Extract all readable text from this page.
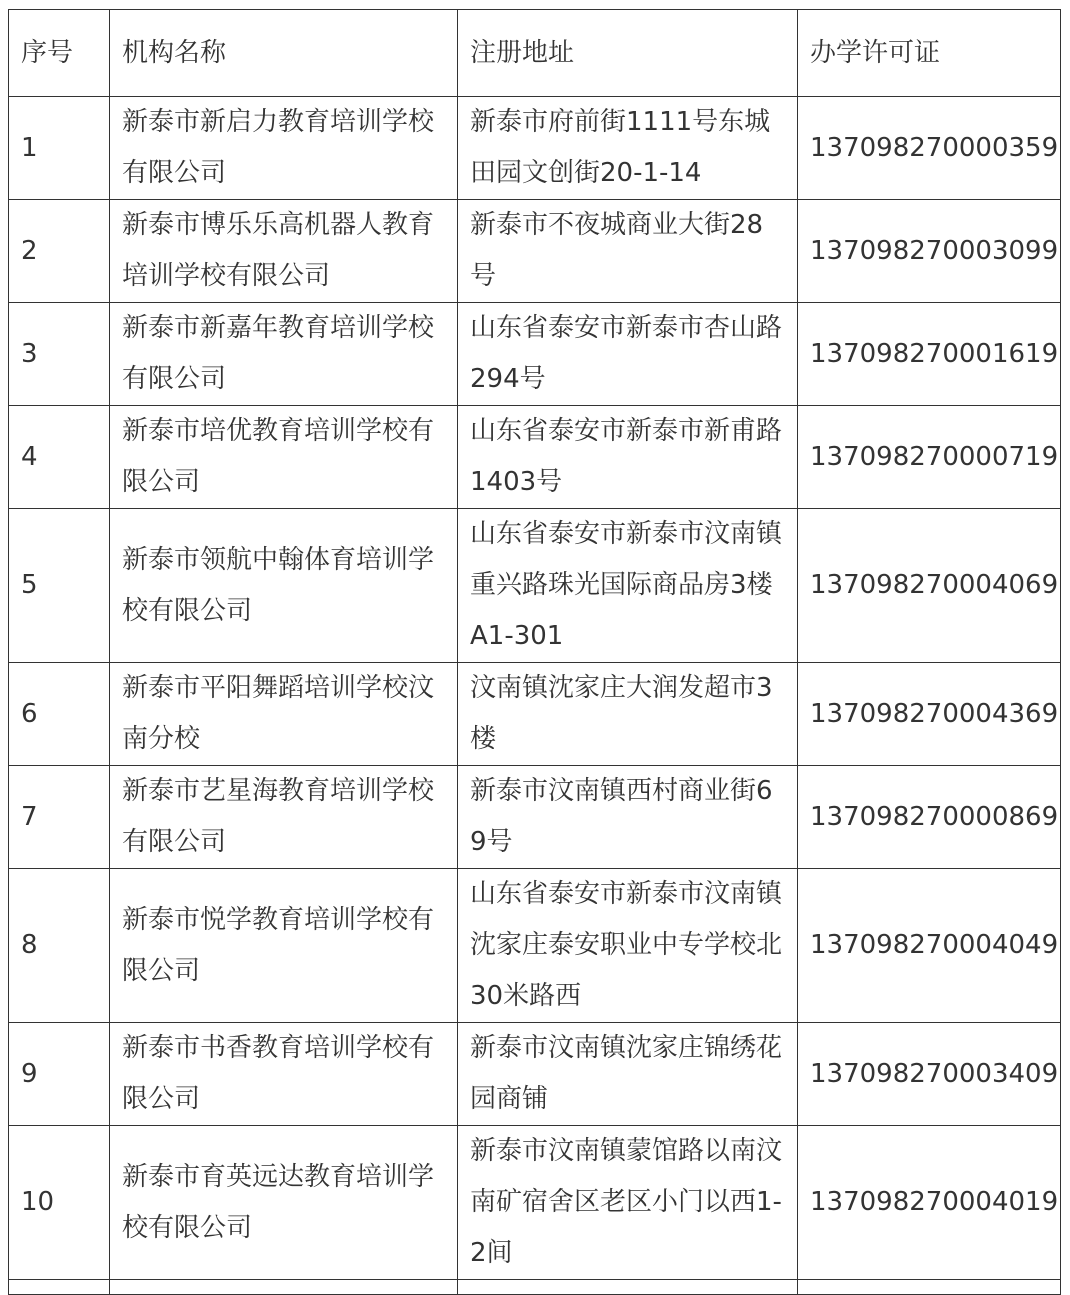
序号	机构名称	注册地址	办学许可证
1	新泰市新启力教育培训学校有限公司	新泰市府前街1111号东城田园文创街20-1-14	137098270000359
2	新泰市博乐乐高机器人教育培训学校有限公司	新泰市不夜城商业大街28号	137098270003099
3	新泰市新嘉年教育培训学校有限公司	山东省泰安市新泰市杏山路294号	137098270001619
4	新泰市培优教育培训学校有限公司	山东省泰安市新泰市新甫路1403号	137098270000719
5	新泰市领航中翰体育培训学校有限公司	山东省泰安市新泰市汶南镇重兴路珠光国际商品房3楼A1-301	137098270004069
6	新泰市平阳舞蹈培训学校汶南分校	汶南镇沈家庄大润发超市3楼	137098270004369
7	新泰市艺星海教育培训学校有限公司	新泰市汶南镇西村商业街69号	137098270000869
8	新泰市悦学教育培训学校有限公司	山东省泰安市新泰市汶南镇沈家庄泰安职业中专学校北30米路西	137098270004049
9	新泰市书香教育培训学校有限公司	新泰市汶南镇沈家庄锦绣花园商铺	137098270003409
10	新泰市育英远达教育培训学校有限公司	新泰市汶南镇蒙馆路以南汶南矿宿舍区老区小门以西1-2间	137098270004019
